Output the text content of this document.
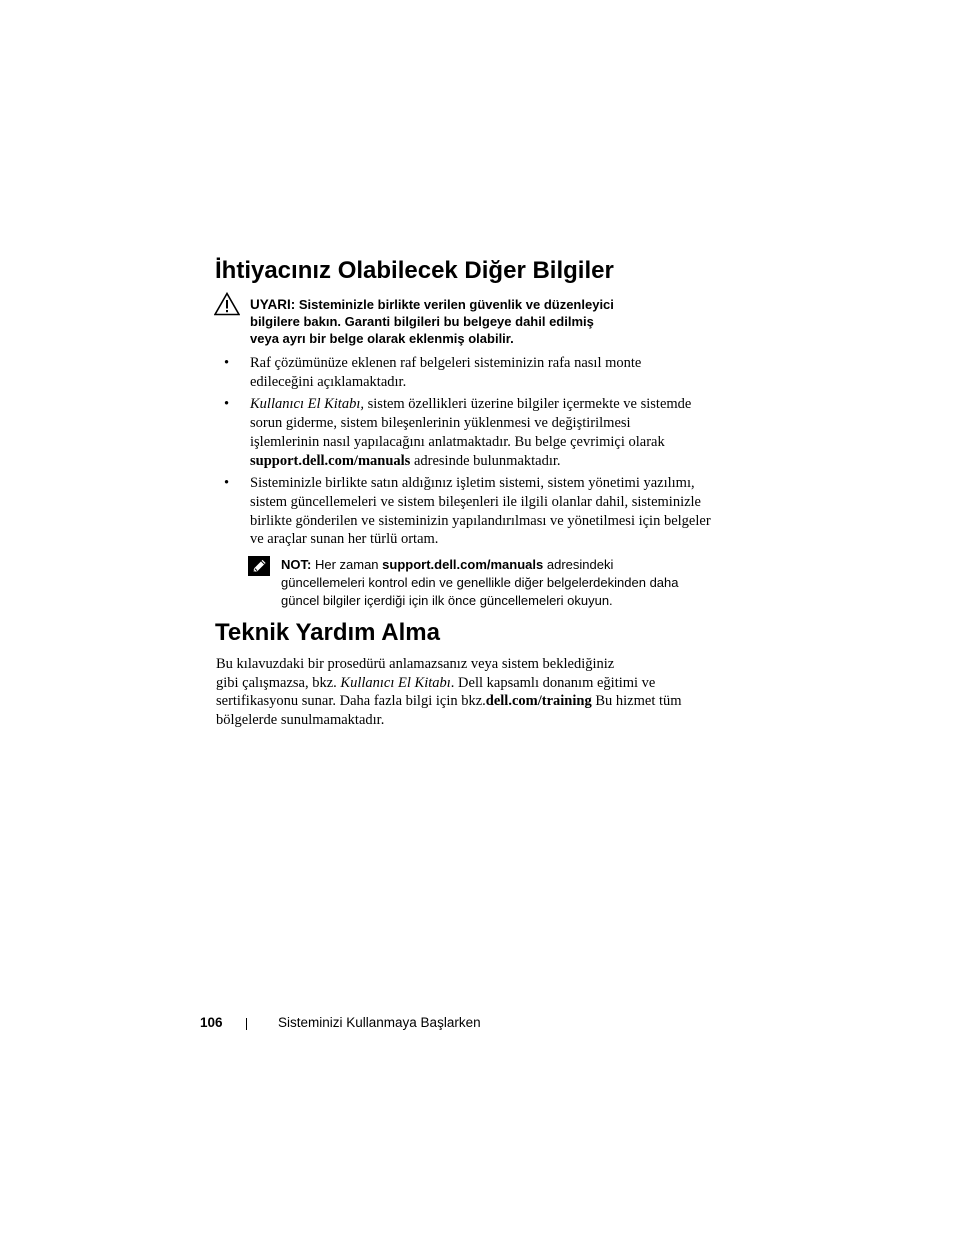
İhtiyacınız Olabilecek Diğer Bilgiler
UYARI: Sisteminizle birlikte verilen güvenlik ve düzenleyici
bilgilere bakın. Garanti bilgileri bu belgeye dahil edilmiş
veya ayrı bir belge olarak eklenmiş olabilir.
• Raf çözümünüze eklenen raf belgeleri sisteminizin rafa nasıl monte
edileceğini açıklamaktadır.
• Kullanıcı El Kitabı, sistem özellikleri üzerine bilgiler içermekte ve sistemde
sorun giderme, sistem bileşenlerinin yüklenmesi ve değiştirilmesi
işlemlerinin nasıl yapılacağını anlatmaktadır. Bu belge çevrimiçi olarak
support.dell.com/manuals adresinde bulunmaktadır.
• Sisteminizle birlikte satın aldığınız işletim sistemi, sistem yönetimi yazılımı,
sistem güncellemeleri ve sistem bileşenleri ile ilgili olanlar dahil, sisteminizle
birlikte gönderilen ve sisteminizin yapılandırılması ve yönetilmesi için belgeler
ve araçlar sunan her türlü ortam.
NOT: Her zaman support.dell.com/manuals adresindeki
güncellemeleri kontrol edin ve genellikle diğer belgelerdekinden daha
güncel bilgiler içerdiği için ilk önce güncellemeleri okuyun.
Teknik Yardım Alma
Bu kılavuzdaki bir prosedürü anlamazsanız veya sistem beklediğiniz
gibi çalışmazsa, bkz. Kullanıcı El Kitabı. Dell kapsamlı donanım eğitimi ve
sertifikasyonu sunar. Daha fazla bilgi için bkz.dell.com/training Bu hizmet tüm
bölgelerde sunulmamaktadır.
106	Sisteminizi Kullanmaya Başlarken
